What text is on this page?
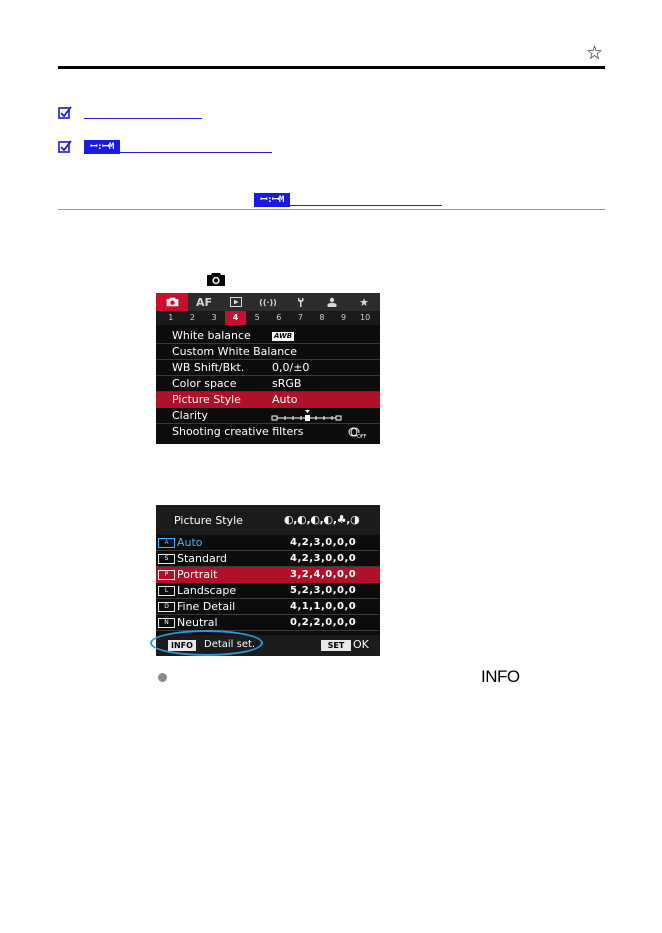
☆
ꟷ:ꟷM
ꟷ:ꟷM
AF	((·))	★
1	2	3	4	5	6	7	8	9	10
White balance	AWB
Custom White Balance
WB Shift/Bkt.	0,0/±0
Color space	sRGB
Picture Style	Auto
Clarity
Shooting creative filters	OFF
Picture Style	◐,◐,◐,◐,♣,◑
A Auto	4,2,3,0,0,0
S Standard	4,2,3,0,0,0
P Portrait	3,2,4,0,0,0
L Landscape	5,2,3,0,0,0
D Fine Detail	4,1,1,0,0,0
N Neutral	0,2,2,0,0,0
INFO	Detail set.	SET OK
INFO
